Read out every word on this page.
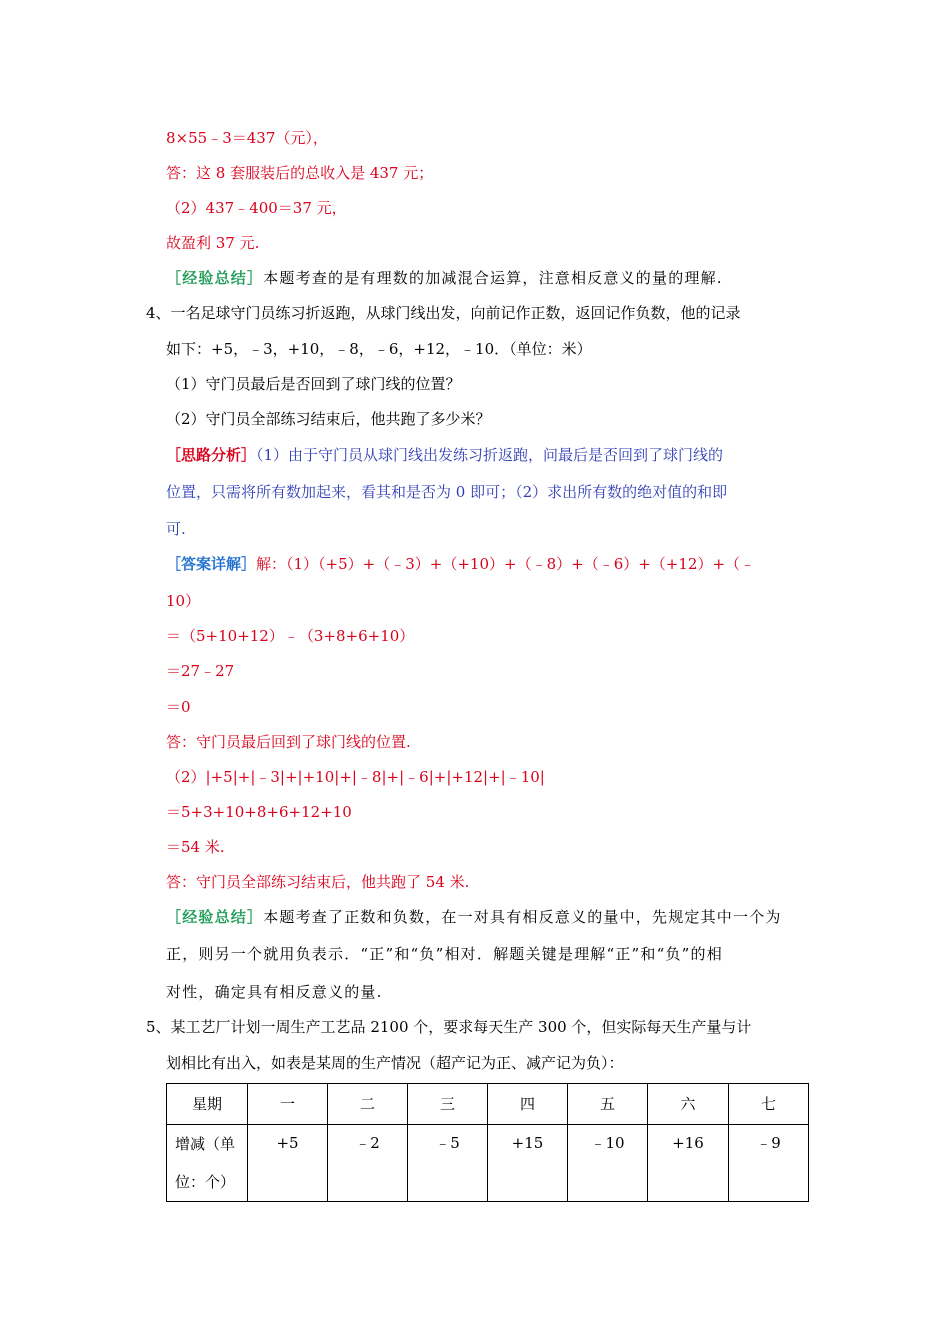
8×55﹣3＝437（元），
答：这 8 套服装后的总收入是 437 元；
（2）437﹣400＝37 元，
故盈利 37 元.
［经验总结］本题考查的是有理数的加减混合运算，注意相反意义的量的理解.
4、一名足球守门员练习折返跑，从球门线出发，向前记作正数，返回记作负数，他的记录
如下：+5，﹣3，+10，﹣8，﹣6，+12，﹣10．（单位：米）
（1）守门员最后是否回到了球门线的位置？
（2）守门员全部练习结束后，他共跑了多少米？
［思路分析］（1）由于守门员从球门线出发练习折返跑，问最后是否回到了球门线的
位置，只需将所有数加起来，看其和是否为 0 即可；（2）求出所有数的绝对值的和即
可.
［答案详解］解：（1）（+5）+（﹣3）+（+10）+（﹣8）+（﹣6）+（+12）+（﹣
10）
＝（5+10+12）﹣（3+8+6+10）
＝27﹣27
＝0
答：守门员最后回到了球门线的位置.
（2）|+5|+|﹣3|+|+10|+|﹣8|+|﹣6|+|+12|+|﹣10|
＝5+3+10+8+6+12+10
＝54 米.
答：守门员全部练习结束后，他共跑了 54 米.
［经验总结］本题考查了正数和负数，在一对具有相反意义的量中，先规定其中一个为
正，则另一个就用负表示．“正”和“负”相对．解题关键是理解“正”和“负”的相
对性，确定具有相反意义的量.
5、某工艺厂计划一周生产工艺品 2100 个，要求每天生产 300 个，但实际每天生产量与计
划相比有出入，如表是某周的生产情况（超产记为正、减产记为负）：
星期	一	二	三	四	五	六	七

增减（单
位：个）	+5	﹣2	﹣5	+15	﹣10	+16	﹣9
